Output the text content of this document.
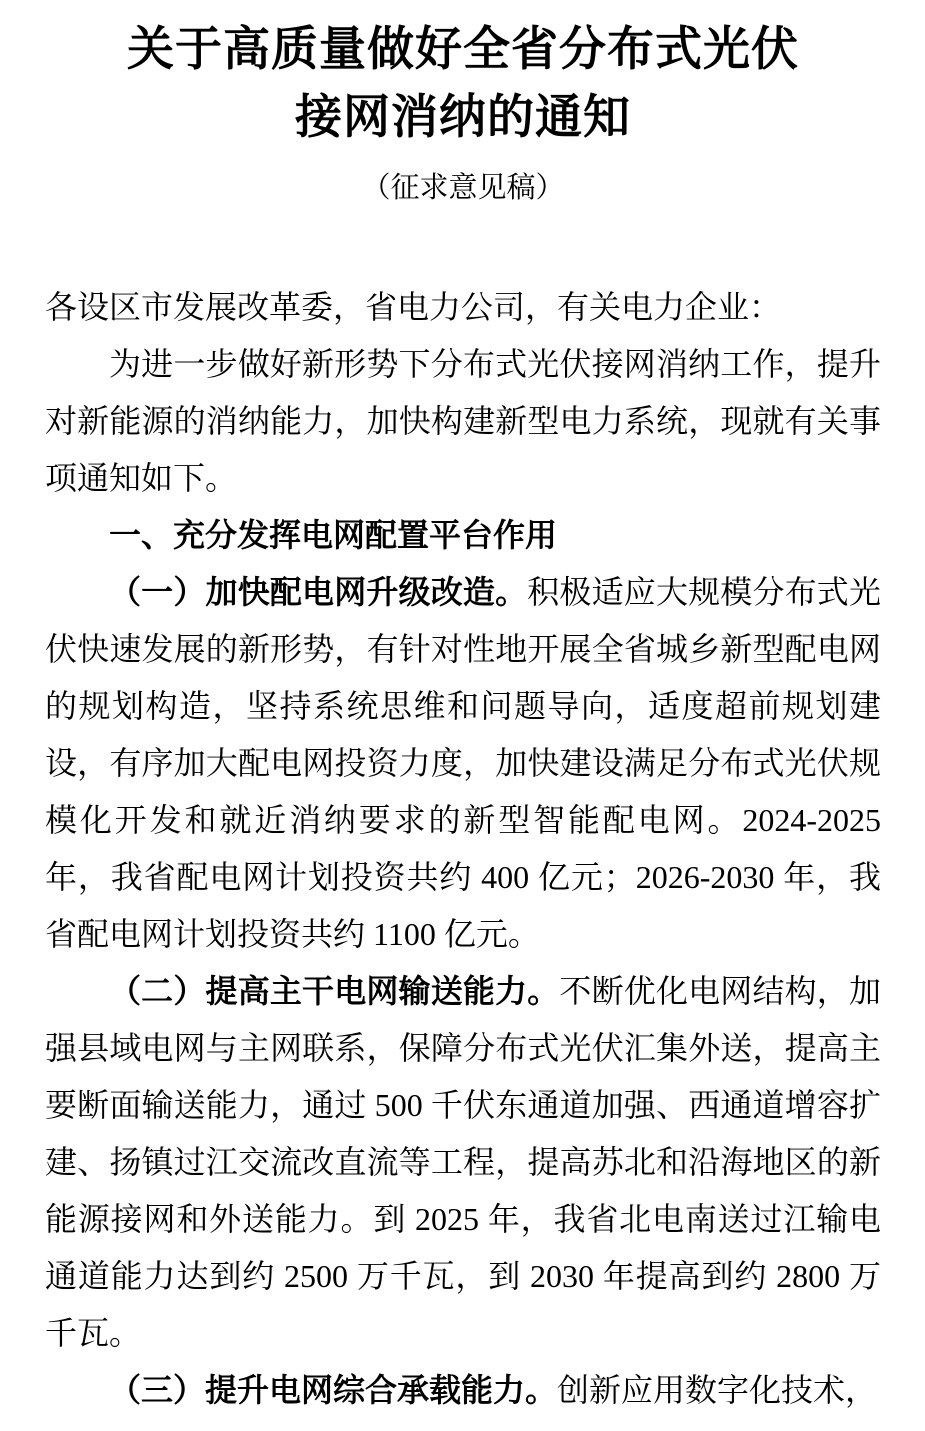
关于高质量做好全省分布式光伏
接网消纳的通知
（征求意见稿）

各设区市发展改革委，省电力公司，有关电力企业：

为进一步做好新形势下分布式光伏接网消纳工作，提升对新能源的消纳能力，加快构建新型电力系统，现就有关事项通知如下。

一、充分发挥电网配置平台作用

（一）加快配电网升级改造。积极适应大规模分布式光伏快速发展的新形势，有针对性地开展全省城乡新型配电网的规划构造，坚持系统思维和问题导向，适度超前规划建设，有序加大配电网投资力度，加快建设满足分布式光伏规模化开发和就近消纳要求的新型智能配电网。2024-2025 年，我省配电网计划投资共约 400 亿元；2026-2030 年，我省配电网计划投资共约 1100 亿元。

（二）提高主干电网输送能力。不断优化电网结构，加强县域电网与主网联系，保障分布式光伏汇集外送，提高主要断面输送能力，通过 500 千伏东通道加强、西通道增容扩建、扬镇过江交流改直流等工程，提高苏北和沿海地区的新能源接网和外送能力。到 2025 年，我省北电南送过江输电通道能力达到约 2500 万千瓦，到 2030 年提高到约 2800 万千瓦。

（三）提升电网综合承载能力。创新应用数字化技术，
